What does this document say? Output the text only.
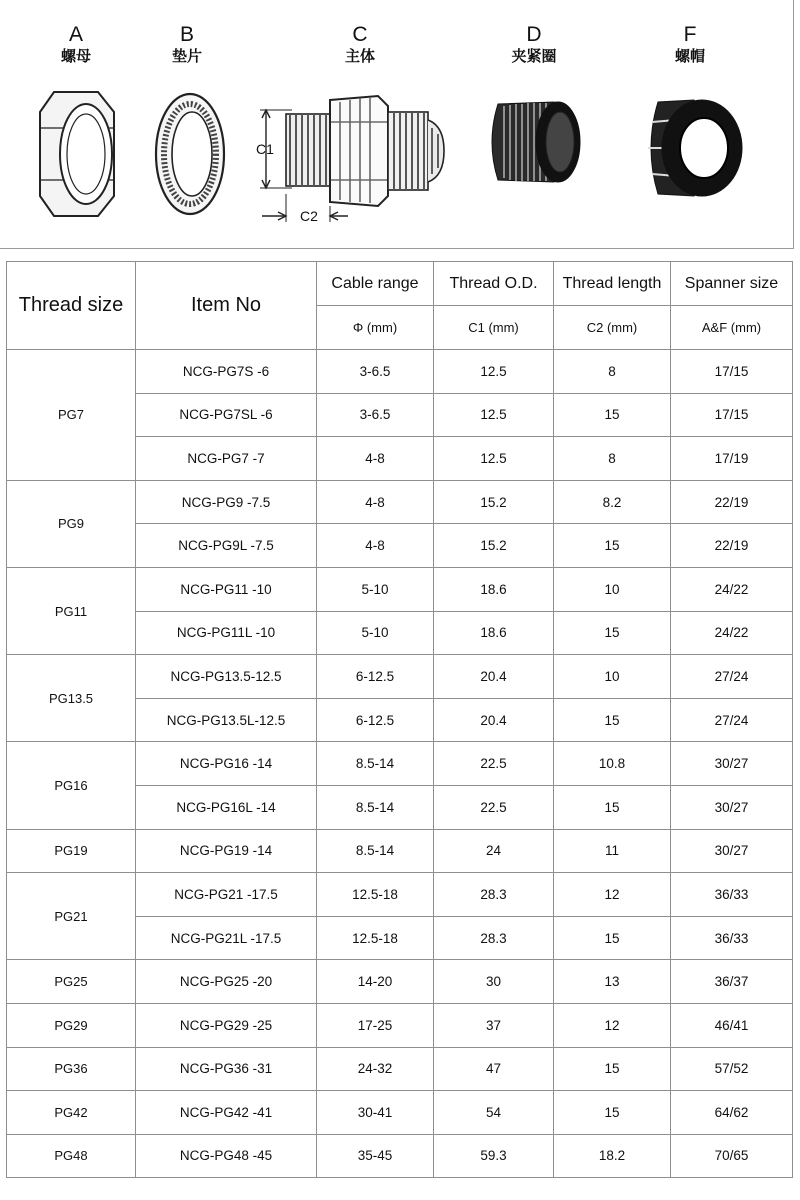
A
螺母
B
垫片
C
主体
C1
C2
D
夹紧圈
F
螺帽
Thread size	Item No	Cable range	Thread O.D.	Thread length	Spanner size
		Φ (mm)	C1 (mm)	C2 (mm)	A&F (mm)
PG7	NCG-PG7S -6	3-6.5	12.5	8	17/15
	NCG-PG7SL -6	3-6.5	12.5	15	17/15
	NCG-PG7 -7	4-8	12.5	8	17/19
PG9	NCG-PG9 -7.5	4-8	15.2	8.2	22/19
	NCG-PG9L -7.5	4-8	15.2	15	22/19
PG11	NCG-PG11 -10	5-10	18.6	10	24/22
	NCG-PG11L -10	5-10	18.6	15	24/22
PG13.5	NCG-PG13.5-12.5	6-12.5	20.4	10	27/24
	NCG-PG13.5L-12.5	6-12.5	20.4	15	27/24
PG16	NCG-PG16 -14	8.5-14	22.5	10.8	30/27
	NCG-PG16L -14	8.5-14	22.5	15	30/27
PG19	NCG-PG19 -14	8.5-14	24	11	30/27
PG21	NCG-PG21 -17.5	12.5-18	28.3	12	36/33
	NCG-PG21L -17.5	12.5-18	28.3	15	36/33
PG25	NCG-PG25 -20	14-20	30	13	36/37
PG29	NCG-PG29 -25	17-25	37	12	46/41
PG36	NCG-PG36 -31	24-32	47	15	57/52
PG42	NCG-PG42 -41	30-41	54	15	64/62
PG48	NCG-PG48 -45	35-45	59.3	18.2	70/65
